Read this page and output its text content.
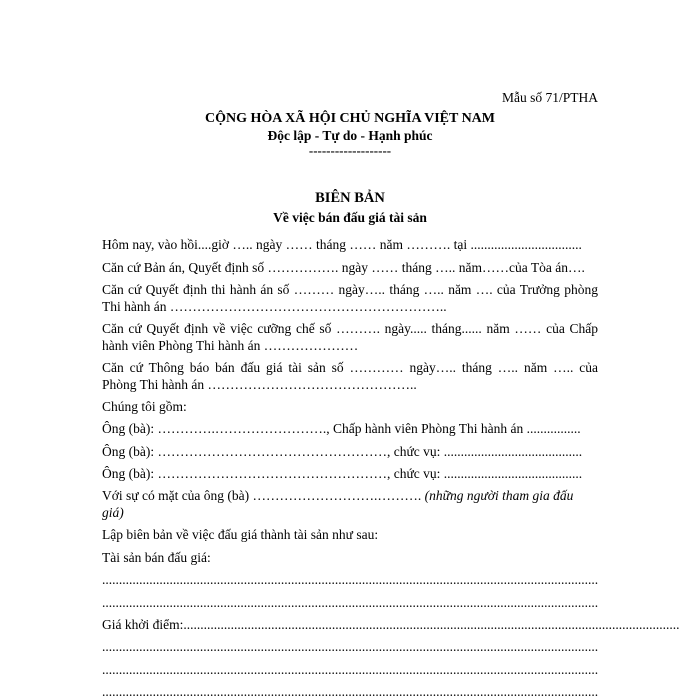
Mẫu số 71/PTHA
CỘNG HÒA XÃ HỘI CHỦ NGHĨA VIỆT NAM
Độc lập - Tự do - Hạnh phúc
-------------------
BIÊN BẢN
Về việc bán đấu giá tài sản
Hôm nay, vào hồi....giờ ….. ngày …… tháng …… năm ………. tại .................................
Căn cứ Bản án, Quyết định số ……………. ngày …… tháng ….. năm……của Tòa án….
Căn cứ Quyết định thi hành án số ……… ngày….. tháng ….. năm …. của Trưởng phòng
Thi hành án ……………………………………………………..
Căn cứ Quyết định về việc cưỡng chế số ………. ngày..... tháng...... năm …… của Chấp
hành viên Phòng Thi hành án …………………
Căn cứ Thông báo bán đấu giá tài sản số ………… ngày….. tháng ….. năm ….. của
Phòng Thi hành án ………………………………………..
Chúng tôi gồm:
Ông (bà): ………….……………………., Chấp hành viên Phòng Thi hành án ................
Ông (bà): ……………………………………………, chức vụ: .........................................
Ông (bà): ……………………………………………, chức vụ: .........................................
Với sự có mặt của ông (bà) ……………………….………. (những người tham gia đấu
giá)
Lập biên bản về việc đấu giá thành tài sản như sau:
Tài sản bán đấu giá:
...................................................................................................................................................
...................................................................................................................................................
Giá khởi điểm: ...................................................................................................................................................
...................................................................................................................................................
...................................................................................................................................................
...................................................................................................................................................
